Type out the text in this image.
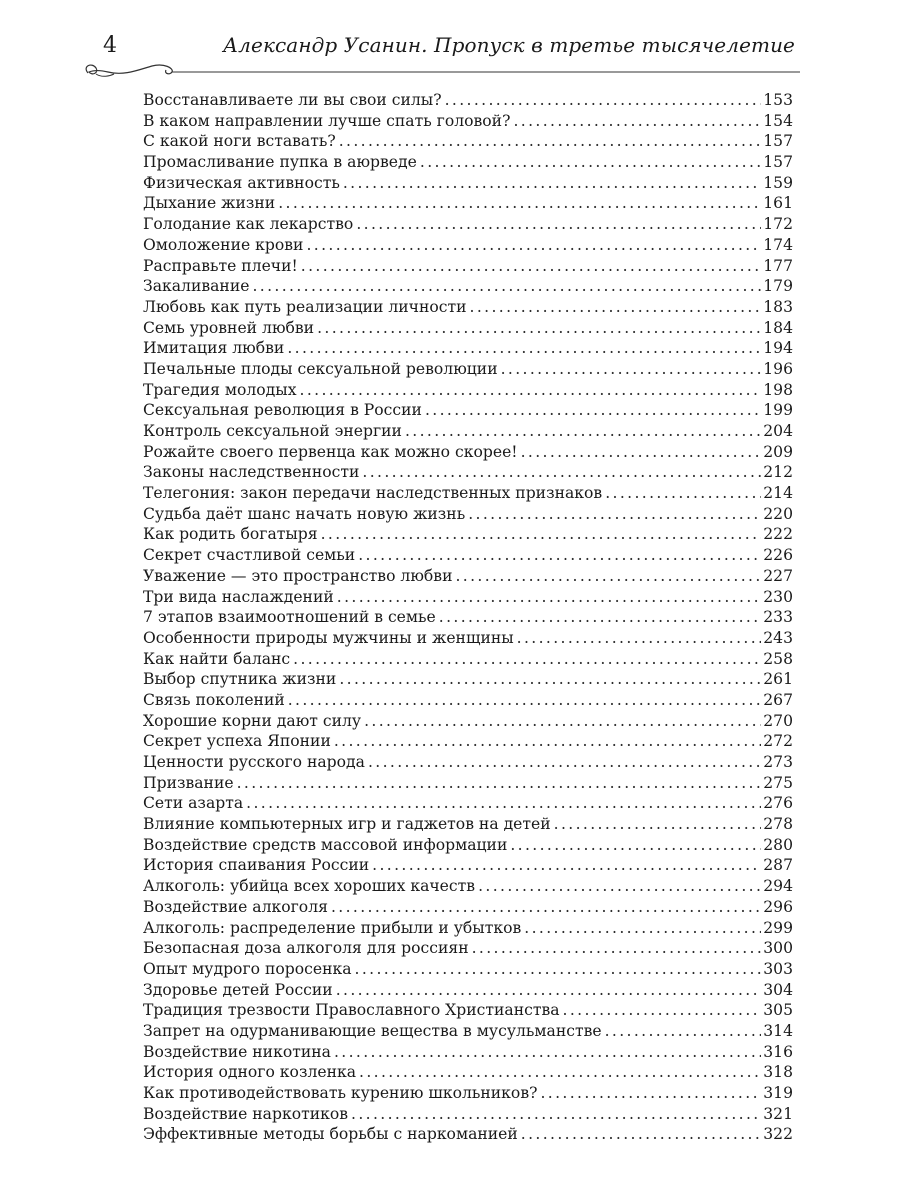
4	Александр Усанин. Пропуск в третье тысячелетие
Восстанавливаете ли вы свои силы? . . .	153
В каком направлении лучше спать головой? . . .	154
С какой ноги вставать? . . .	157
Промасливание пупка в аюрведе . . .	157
Физическая активность . . .	159
Дыхание жизни . . .	161
Голодание как лекарство . . .	172
Омоложение крови . . .	174
Расправьте плечи! . . .	177
Закаливание . . .	179
Любовь как путь реализации личности . . .	183
Семь уровней любви . . .	184
Имитация любви . . .	194
Печальные плоды сексуальной революции . . .	196
Трагедия молодых . . .	198
Сексуальная революция в России . . .	199
Контроль сексуальной энергии . . .	204
Рожайте своего первенца как можно скорее! . . .	209
Законы наследственности . . .	212
Телегония: закон передачи наследственных признаков . . .	214
Судьба даёт шанс начать новую жизнь . . .	220
Как родить богатыря . . .	222
Секрет счастливой семьи . . .	226
Уважение — это пространство любви . . .	227
Три вида наслаждений . . .	230
7 этапов взаимоотношений в семье . . .	233
Особенности природы мужчины и женщины . . .	243
Как найти баланс . . .	258
Выбор спутника жизни . . .	261
Связь поколений . . .	267
Хорошие корни дают силу . . .	270
Секрет успеха Японии . . .	272
Ценности русского народа . . .	273
Призвание . . .	275
Сети азарта . . .	276
Влияние компьютерных игр и гаджетов на детей . . .	278
Воздействие средств массовой информации . . .	280
История спаивания России . . .	287
Алкоголь: убийца всех хороших качеств . . .	294
Воздействие алкоголя . . .	296
Алкоголь: распределение прибыли и убытков . . .	299
Безопасная доза алкоголя для россиян . . .	300
Опыт мудрого поросенка . . .	303
Здоровье детей России . . .	304
Традиция трезвости Православного Христианства . . .	305
Запрет на одурманивающие вещества в мусульманстве . . .	314
Воздействие никотина . . .	316
История одного козленка . . .	318
Как противодействовать курению школьников? . . .	319
Воздействие наркотиков . . .	321
Эффективные методы борьбы с наркоманией . . .	322
